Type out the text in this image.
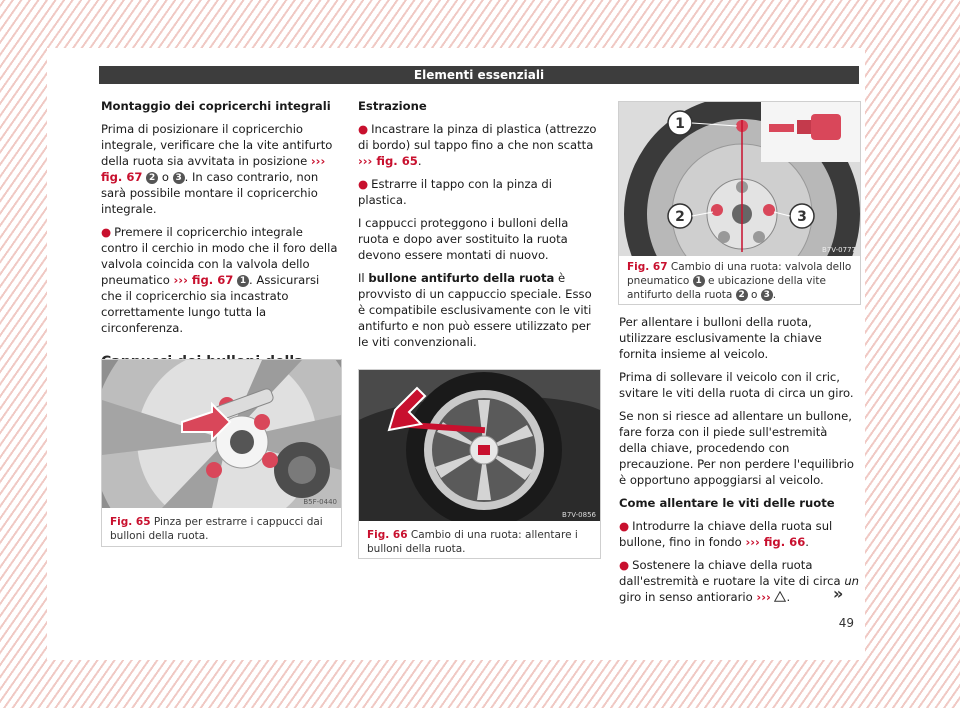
Elementi essenziali

Montaggio dei copricerchi integrali

Prima di posizionare il copricerchio integrale, verificare che la vite antifurto della ruota sia avvitata in posizione ››› fig. 67 2 o 3 . In caso contrario, non sarà possibile montare il copricerchio integrale.

● Premere il copricerchio integrale contro il cerchio in modo che il foro della valvola coincida con la valvola dello pneumatico ››› fig. 67 1 . Assicurarsi che il copricerchio sia incastrato correttamente lungo tutta la circonferenza.

Estrazione

● Incastrare la pinza di plastica (attrezzo di bordo) sul tappo fino a che non scatta ››› fig. 65.

● Estrarre il tappo con la pinza di plastica.

I cappucci proteggono i bulloni della ruota e dopo aver sostituito la ruota devono essere montati di nuovo.

Il bullone antifurto della ruota è provvisto di un cappuccio speciale. Esso è compatibile esclusivamente con le viti antifurto e non può essere utilizzato per le viti convenzionali.

Per allentare i bulloni della ruota, utilizzare esclusivamente la chiave fornita insieme al veicolo.

Prima di sollevare il veicolo con il cric, svitare le viti della ruota di circa un giro.

Se non si riesce ad allentare un bullone, fare forza con il piede sull'estremità della chiave, procedendo con precauzione. Per non perdere l'equilibrio è opportuno appoggiarsi al veicolo.

Come allentare le viti delle ruote

● Introdurre la chiave della ruota sul bullone, fino in fondo ››› fig. 66.

● Sostenere la chiave della ruota dall'estremità e ruotare la vite di circa un giro in senso antiorario ››› .

B5F-0440
Fig. 65 Pinza per estrarre i cappucci dai bulloni della ruota.
B7V-0856
Fig. 66 Cambio di una ruota: allentare i bulloni della ruota.
1
2	3
B7V-0777
Fig. 67 Cambio di una ruota: valvola dello pneumatico 1 e ubicazione della vite antifurto della ruota 2 o 3 .
»
49
